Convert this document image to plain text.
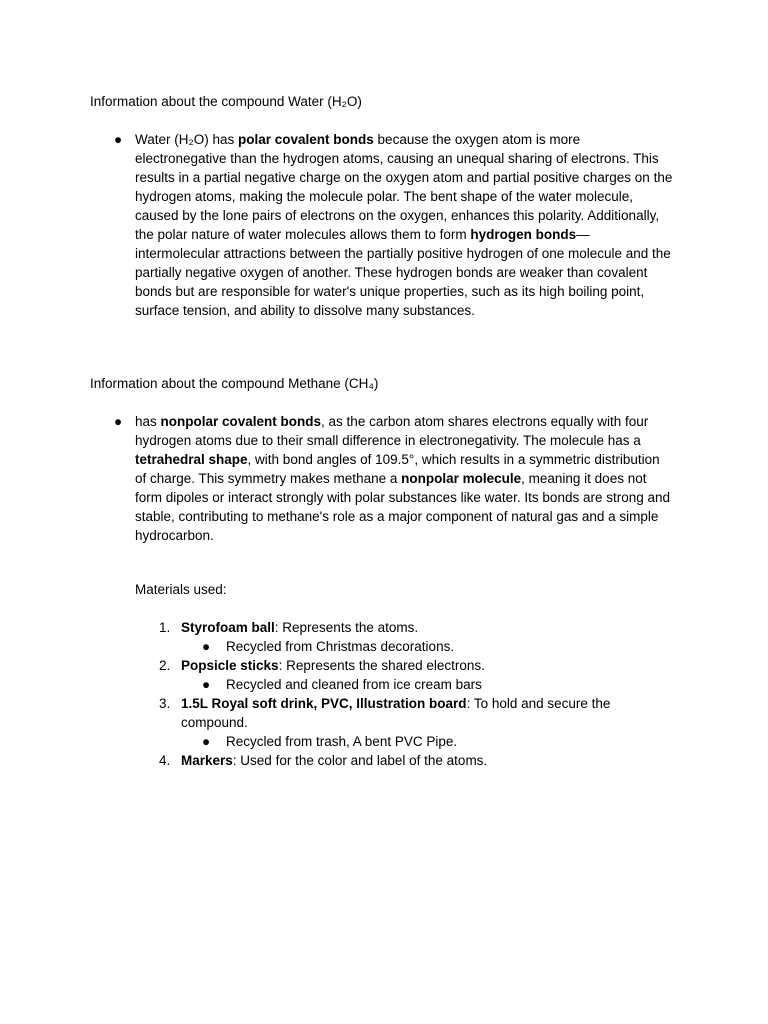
Information about the compound Water (H₂O)

● Water (H₂O) has polar covalent bonds because the oxygen atom is more electronegative than the hydrogen atoms, causing an unequal sharing of electrons. This results in a partial negative charge on the oxygen atom and partial positive charges on the hydrogen atoms, making the molecule polar. The bent shape of the water molecule, caused by the lone pairs of electrons on the oxygen, enhances this polarity. Additionally, the polar nature of water molecules allows them to form hydrogen bonds—intermolecular attractions between the partially positive hydrogen of one molecule and the partially negative oxygen of another. These hydrogen bonds are weaker than covalent bonds but are responsible for water's unique properties, such as its high boiling point, surface tension, and ability to dissolve many substances.

Information about the compound Methane (CH₄)

● has nonpolar covalent bonds, as the carbon atom shares electrons equally with four hydrogen atoms due to their small difference in electronegativity. The molecule has a tetrahedral shape, with bond angles of 109.5°, which results in a symmetric distribution of charge. This symmetry makes methane a nonpolar molecule, meaning it does not form dipoles or interact strongly with polar substances like water. Its bonds are strong and stable, contributing to methane's role as a major component of natural gas and a simple hydrocarbon.
Materials used:
1. Styrofoam ball: Represents the atoms.
● Recycled from Christmas decorations.
2. Popsicle sticks: Represents the shared electrons.
● Recycled and cleaned from ice cream bars
3. 1.5L Royal soft drink, PVC, Illustration board: To hold and secure the compound.
● Recycled from trash, A bent PVC Pipe.
4. Markers: Used for the color and label of the atoms.
